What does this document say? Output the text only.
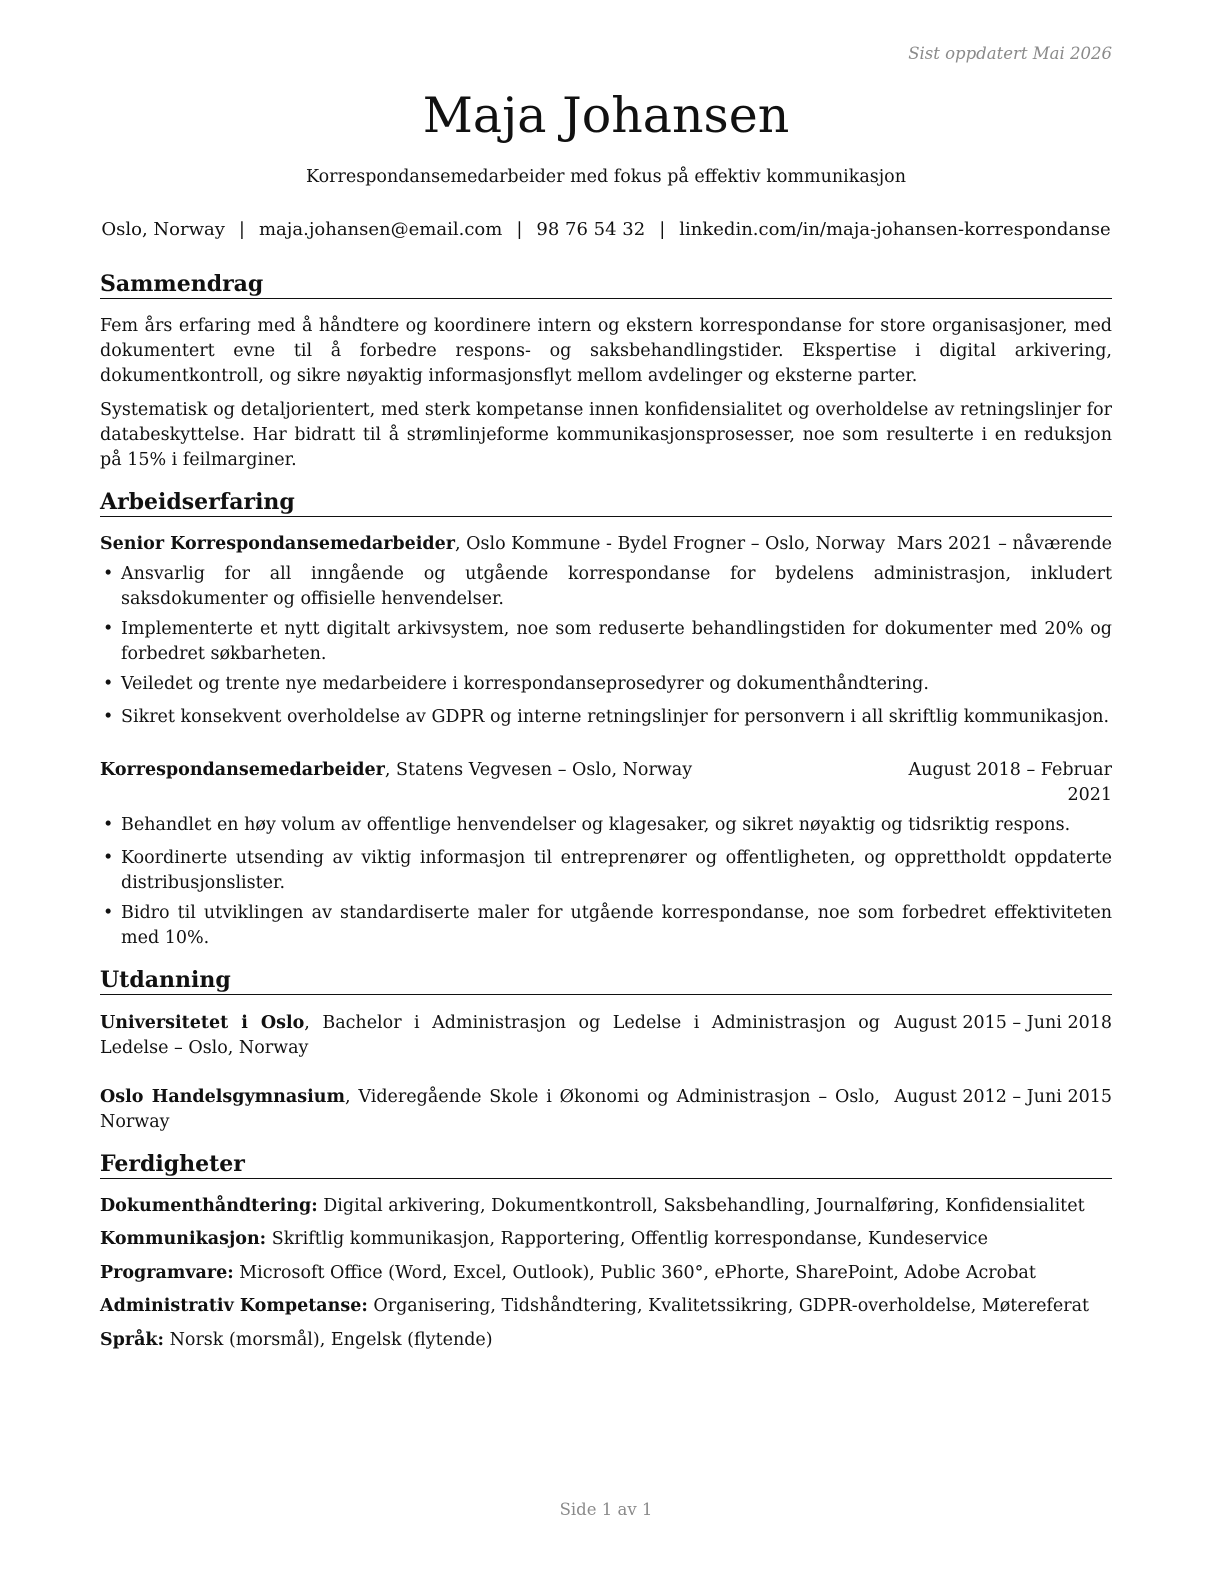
Sist oppdatert Mai 2026
Maja Johansen
Korrespondansemedarbeider med fokus på effektiv kommunikasjon
Oslo, Norway | maja.johansen@email.com | 98 76 54 32 | linkedin.com/in/maja-johansen-korrespondanse
Sammendrag

Fem års erfaring med å håndtere og koordinere intern og ekstern korrespondanse for store organisasjoner, med dokumentert evne til å forbedre respons- og saksbehandlingstider. Ekspertise i digital arkivering, dokumentkontroll, og sikre nøyaktig informasjonsflyt mellom avdelinger og eksterne parter.

Systematisk og detaljorientert, med sterk kompetanse innen konfidensialitet og overholdelse av retningslinjer for databeskyttelse. Har bidratt til å strømlinjeforme kommunikasjonsprosesser, noe som resulterte i en reduksjon på 15% i feilmarginer.

Arbeidserfaring
Senior Korrespondansemedarbeider, Oslo Kommune - Bydel Frogner – Oslo, Norway Mars 2021 – nåværende
• Ansvarlig for all inngående og utgående korrespondanse for bydelens administrasjon, inkludert saksdokumenter og offisielle henvendelser.
• Implementerte et nytt digitalt arkivsystem, noe som reduserte behandlingstiden for dokumenter med 20% og forbedret søkbarheten.
• Veiledet og trente nye medarbeidere i korrespondanseprosedyrer og dokumenthåndtering.
• Sikret konsekvent overholdelse av GDPR og interne retningslinjer for personvern i all skriftlig kommunikasjon.
Korrespondansemedarbeider, Statens Vegvesen – Oslo, Norway	August 2018 – Februar 2021
• Behandlet en høy volum av offentlige henvendelser og klagesaker, og sikret nøyaktig og tidsriktig respons.
• Koordinerte utsending av viktig informasjon til entreprenører og offentligheten, og opprettholdt oppdaterte distribusjonslister.
• Bidro til utviklingen av standardiserte maler for utgående korrespondanse, noe som forbedret effektiviteten med 10%.
Utdanning
Universitetet i Oslo, Bachelor i Administrasjon og Ledelse i Administrasjon og Ledelse – Oslo, Norway
August 2015 – Juni 2018
Oslo Handelsgymnasium, Videregående Skole i Økonomi og Administrasjon – Oslo, Norway
August 2012 – Juni 2015
Ferdigheter
Dokumenthåndtering: Digital arkivering, Dokumentkontroll, Saksbehandling, Journalføring, Konfidensialitet
Kommunikasjon: Skriftlig kommunikasjon, Rapportering, Offentlig korrespondanse, Kundeservice
Programvare: Microsoft Office (Word, Excel, Outlook), Public 360°, ePhorte, SharePoint, Adobe Acrobat
Administrativ Kompetanse: Organisering, Tidshåndtering, Kvalitetssikring, GDPR-overholdelse, Møtereferat
Språk: Norsk (morsmål), Engelsk (flytende)
Side 1 av 1
